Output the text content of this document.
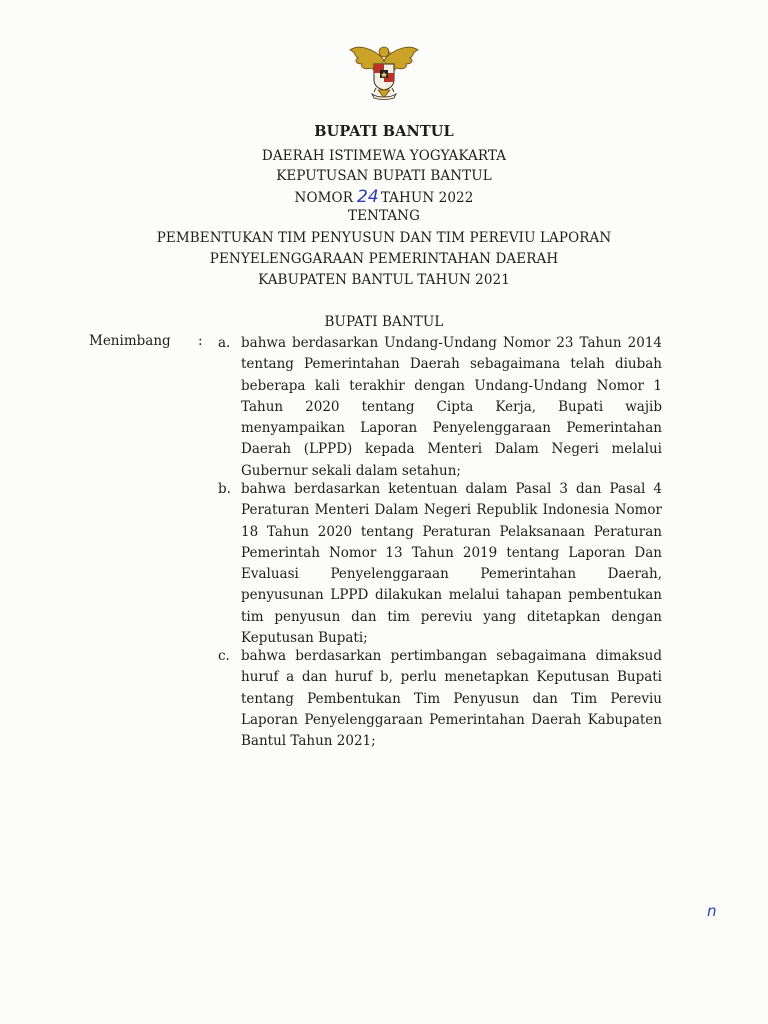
BUPATI BANTUL
DAERAH ISTIMEWA YOGYAKARTA
KEPUTUSAN BUPATI BANTUL
NOMOR 24 TAHUN 2022
TENTANG
PEMBENTUKAN TIM PENYUSUN DAN TIM PEREVIU LAPORAN
PENYELENGGARAAN PEMERINTAHAN DAERAH
KABUPATEN BANTUL TAHUN 2021
BUPATI BANTUL
Menimbang : a. bahwa berdasarkan Undang-Undang Nomor 23 Tahun 2014 tentang Pemerintahan Daerah sebagaimana telah diubah beberapa kali terakhir dengan Undang-Undang Nomor 1 Tahun 2020 tentang Cipta Kerja, Bupati wajib menyampaikan Laporan Penyelenggaraan Pemerintahan Daerah (LPPD) kepada Menteri Dalam Negeri melalui Gubernur sekali dalam setahun;
b. bahwa berdasarkan ketentuan dalam Pasal 3 dan Pasal 4 Peraturan Menteri Dalam Negeri Republik Indonesia Nomor 18 Tahun 2020 tentang Peraturan Pelaksanaan Peraturan Pemerintah Nomor 13 Tahun 2019 tentang Laporan Dan Evaluasi Penyelenggaraan Pemerintahan Daerah, penyusunan LPPD dilakukan melalui tahapan pembentukan tim penyusun dan tim pereviu yang ditetapkan dengan Keputusan Bupati;
c. bahwa berdasarkan pertimbangan sebagaimana dimaksud huruf a dan huruf b, perlu menetapkan Keputusan Bupati tentang Pembentukan Tim Penyusun dan Tim Pereviu Laporan Penyelenggaraan Pemerintahan Daerah Kabupaten Bantul Tahun 2021;
n
